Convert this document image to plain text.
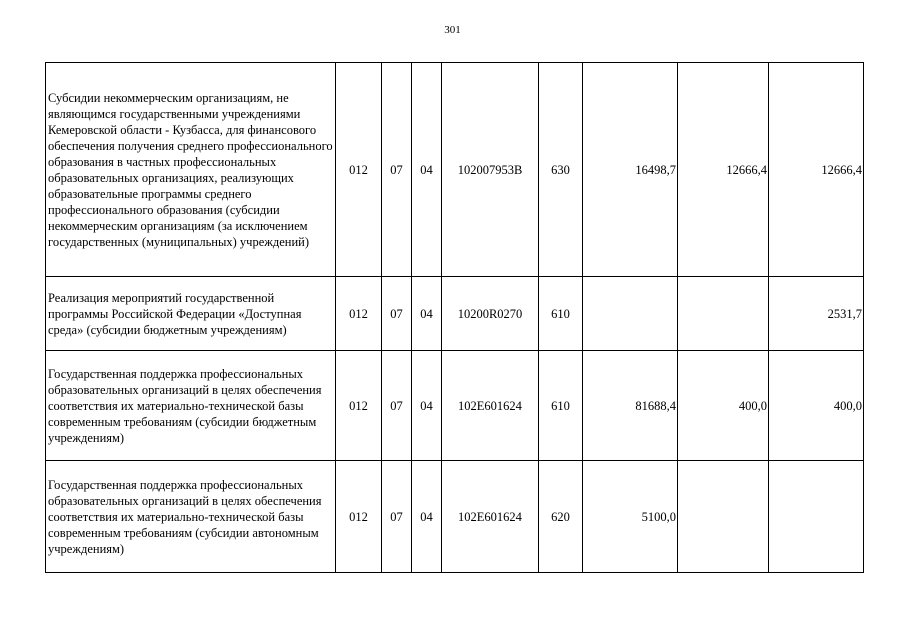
301
Субсидии некоммерческим организациям, не являющимся государственными учреждениями Кемеровской области - Кузбасса, для финансового обеспечения получения среднего профессионального образования в частных профессиональных образовательных организациях, реализующих образовательные программы среднего профессионального образования (субсидии некоммерческим организациям (за исключением государственных (муниципальных) учреждений)	012	07	04	102007953В	630	16498,7	12666,4	12666,4
Реализация мероприятий государственной программы Российской Федерации «Доступная среда» (субсидии бюджетным учреждениям)	012	07	04	10200R0270	610			2531,7
Государственная поддержка профессиональных образовательных организаций в целях обеспечения соответствия их материально-технической базы современным требованиям (субсидии бюджетным учреждениям)	012	07	04	102Е601624	610	81688,4	400,0	400,0
Государственная поддержка профессиональных образовательных организаций в целях обеспечения соответствия их материально-технической базы современным требованиям (субсидии автономным учреждениям)	012	07	04	102Е601624	620	5100,0		
